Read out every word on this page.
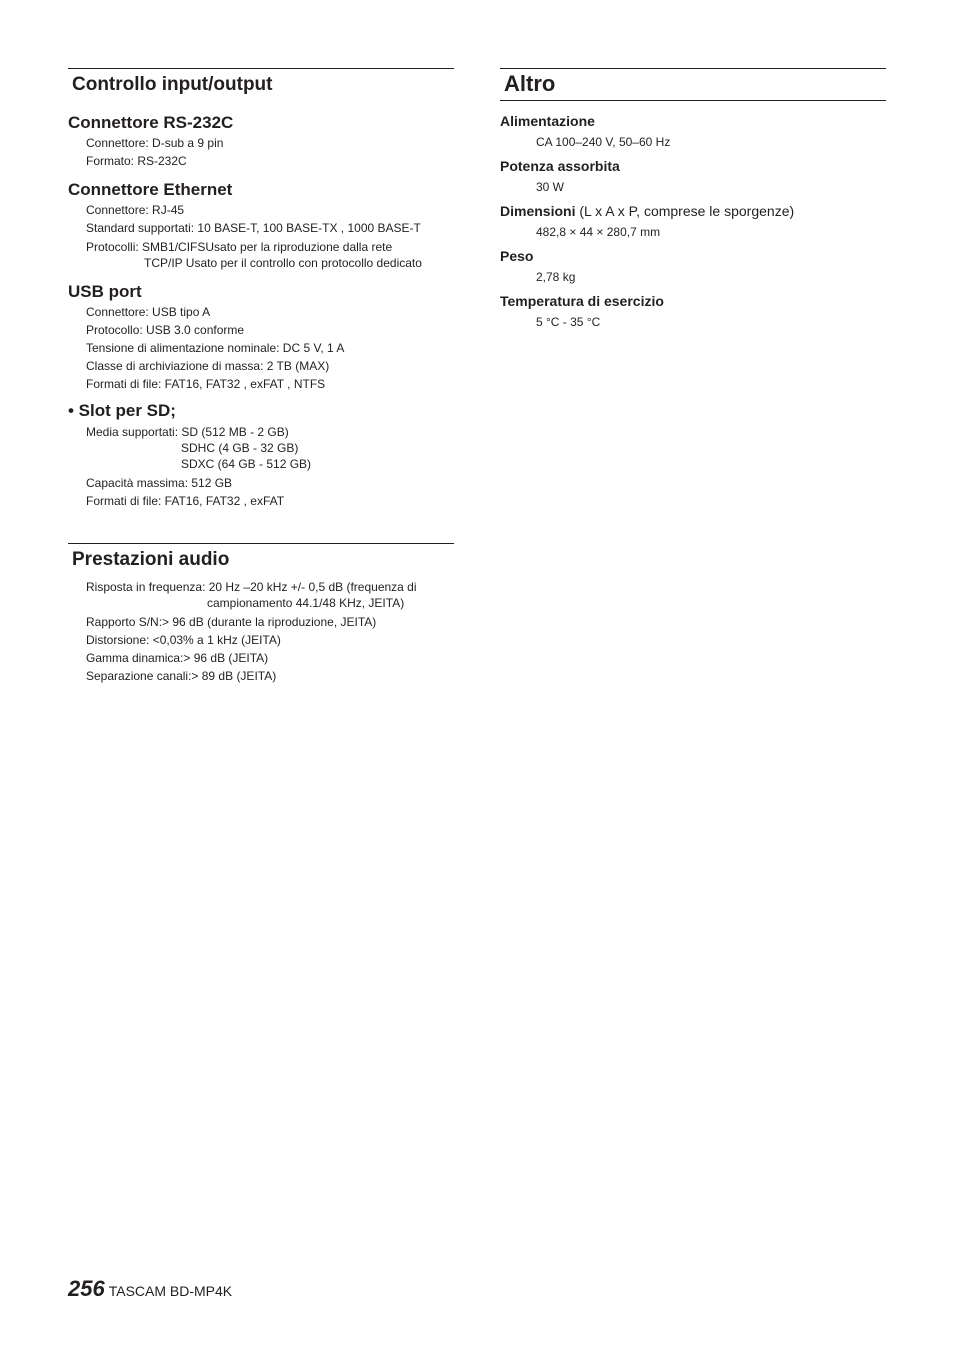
Controllo input/output
Connettore RS-232C
Connettore: D-sub a 9 pin
Formato: RS-232C
Connettore Ethernet
Connettore: RJ-45
Standard supportati: 10 BASE-T, 100 BASE-TX , 1000 BASE-T
Protocolli: SMB1/CIFSUsato per la riproduzione dalla rete
TCP/IP Usato per il controllo con protocollo dedicato
USB port
Connettore: USB tipo A
Protocollo: USB 3.0 conforme
Tensione di alimentazione nominale: DC 5 V, 1 A
Classe di archiviazione di massa: 2 TB (MAX)
Formati di file: FAT16, FAT32 , exFAT , NTFS
• Slot per SD;
Media supportati: SD (512 MB - 2 GB)
SDHC (4 GB - 32 GB)
SDXC (64 GB - 512 GB)
Capacità massima: 512 GB
Formati di file: FAT16, FAT32 , exFAT
Prestazioni audio
Risposta in frequenza: 20 Hz –20 kHz +/- 0,5 dB (frequenza di
campionamento 44.1/48 KHz, JEITA)
Rapporto S/N:> 96 dB (durante la riproduzione, JEITA)
Distorsione: <0,03% a 1 kHz (JEITA)
Gamma dinamica:> 96 dB (JEITA)
Separazione canali:> 89 dB (JEITA)
Altro
Alimentazione
CA 100–240 V, 50–60 Hz
Potenza assorbita
30 W
Dimensioni (L x A x P, comprese le sporgenze)
482,8 × 44 × 280,7 mm
Peso
2,78 kg
Temperatura di esercizio
5 °C - 35 °C
256 TASCAM BD-MP4K
